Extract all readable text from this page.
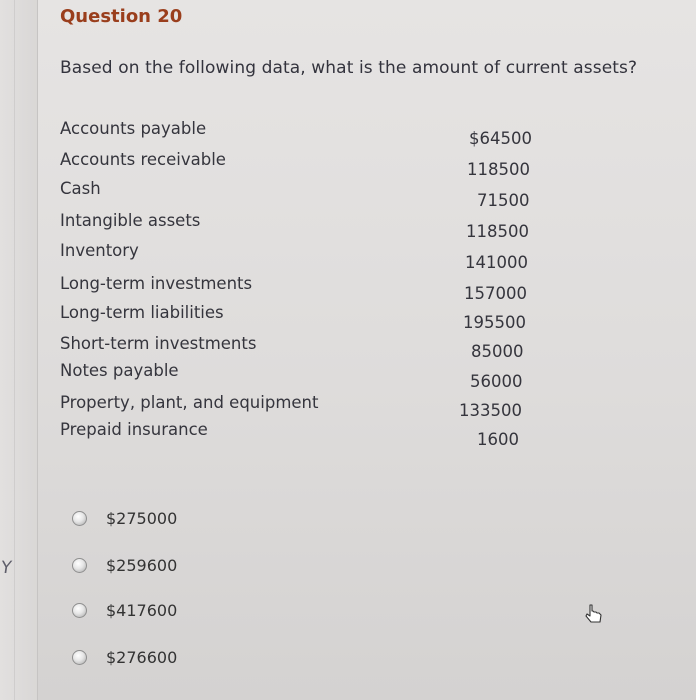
Y
Question 20
Based on the following data, what is the amount of current assets?
Accounts payable
Accounts receivable
Cash
Intangible assets
Inventory
Long-term investments
Long-term liabilities
Short-term investments
Notes payable
Property, plant, and equipment
Prepaid insurance
$64500
118500
71500
118500
141000
157000
195500
85000
56000
133500
1600
$275000
$259600
$417600
$276600
